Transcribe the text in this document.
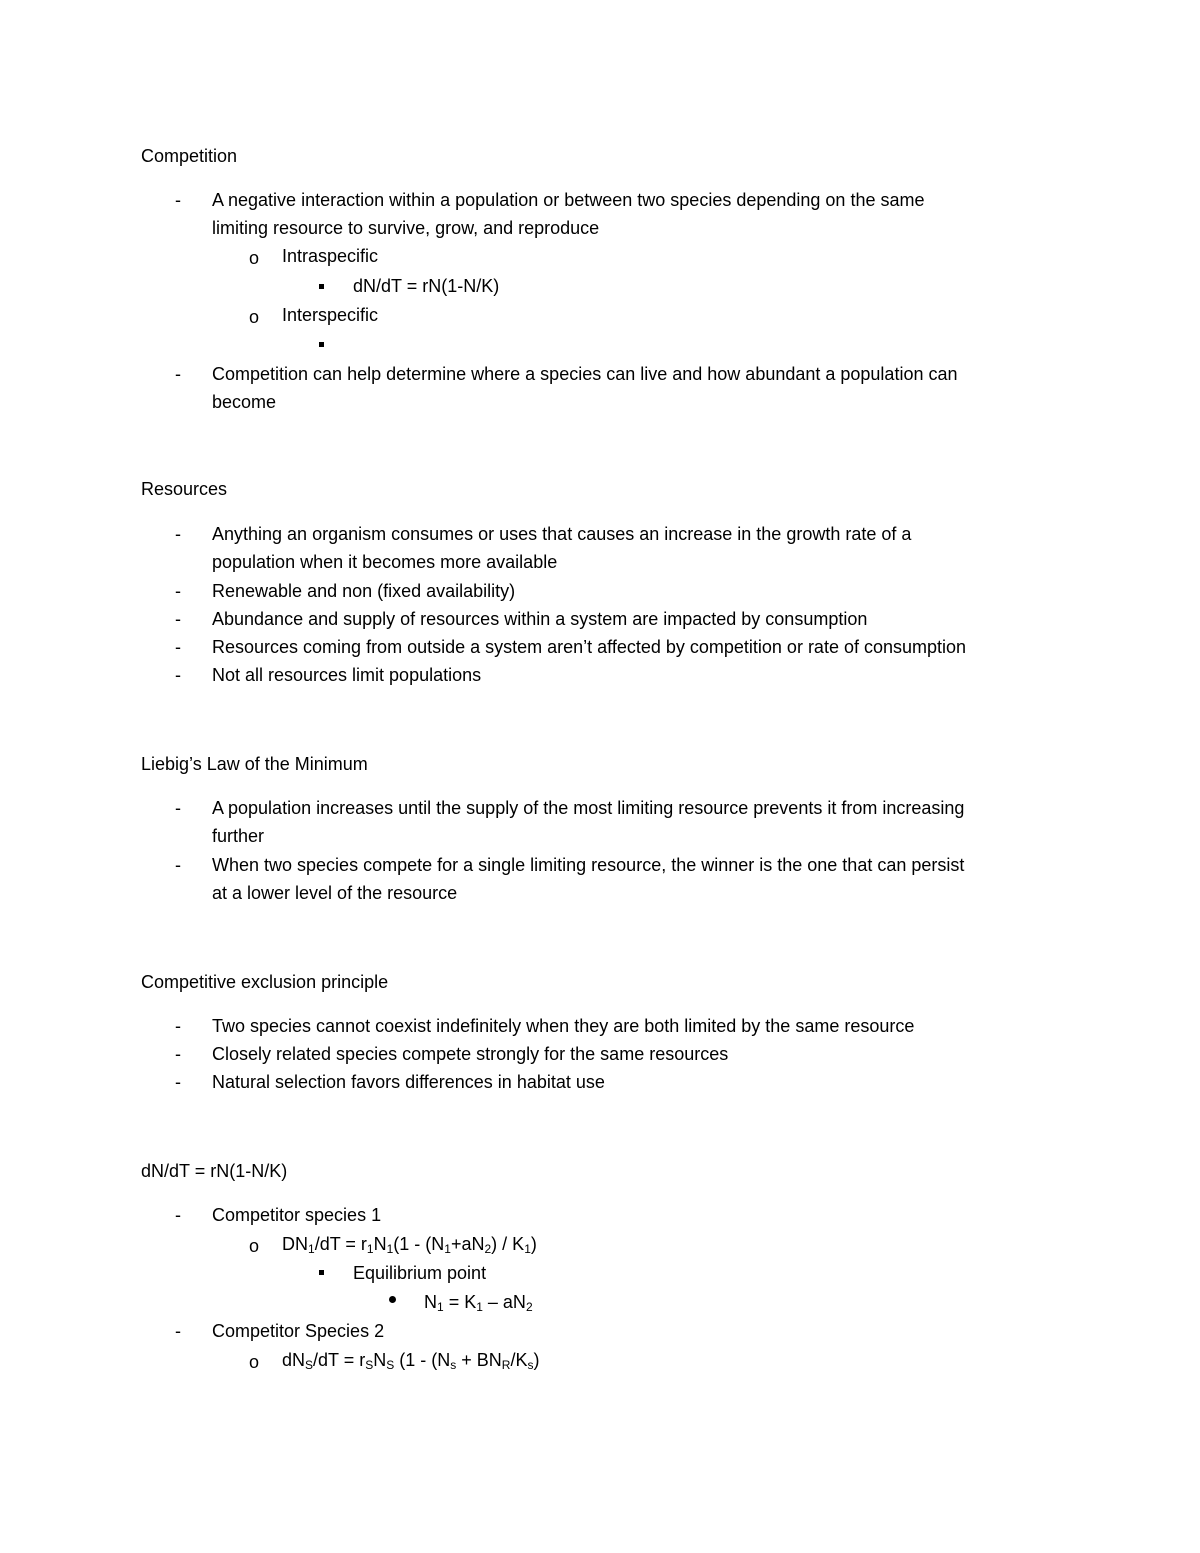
Competition
- A negative interaction within a population or between two species depending on the same
limiting resource to survive, grow, and reproduce
o Intraspecific
dN/dT = rN(1-N/K)
o Interspecific
- Competition can help determine where a species can live and how abundant a population can
become
Resources
- Anything an organism consumes or uses that causes an increase in the growth rate of a
population when it becomes more available
- Renewable and non (fixed availability)
- Abundance and supply of resources within a system are impacted by consumption
- Resources coming from outside a system aren’t affected by competition or rate of consumption
- Not all resources limit populations
Liebig’s Law of the Minimum
- A population increases until the supply of the most limiting resource prevents it from increasing
further
- When two species compete for a single limiting resource, the winner is the one that can persist
at a lower level of the resource
Competitive exclusion principle
- Two species cannot coexist indefinitely when they are both limited by the same resource
- Closely related species compete strongly for the same resources
- Natural selection favors differences in habitat use
dN/dT = rN(1-N/K)
- Competitor species 1
o $DN_1/dT = r_1N_1(1 - (N_1+aN_2) / K_1)$
Equilibrium point
$N_1 = K_1 - aN_2$
- Competitor Species 2
o $dN_S/dT = r_SN_S$ ($1 - (N_s + BN_R/K_s)$
